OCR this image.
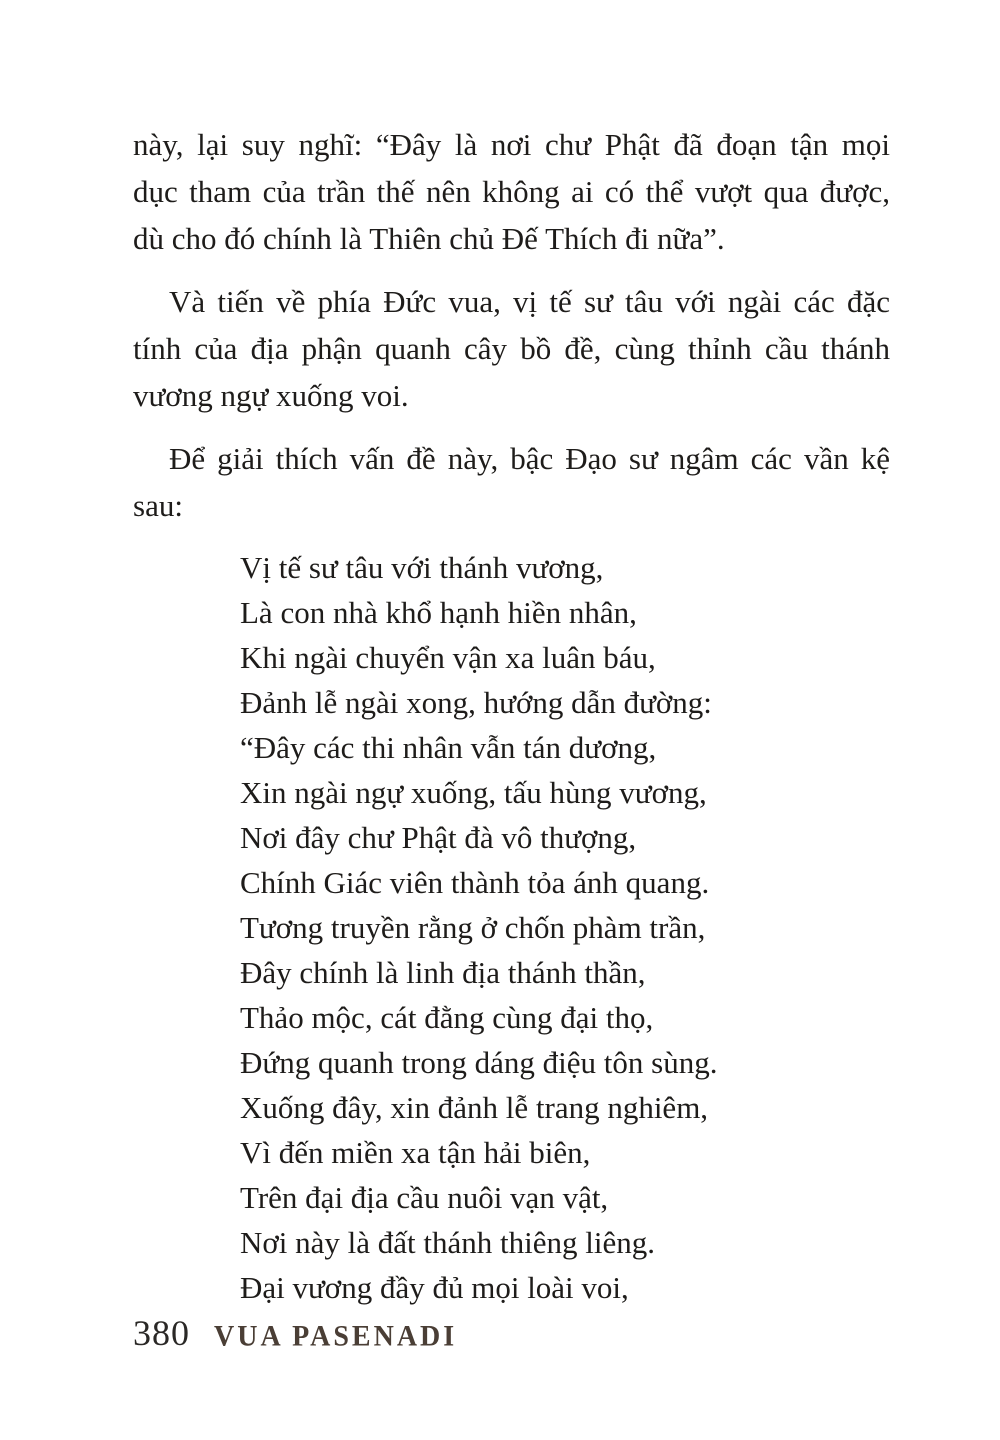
này, lại suy nghĩ: “Đây là nơi chư Phật đã đoạn tận mọi
dục tham của trần thế nên không ai có thể vượt qua được,
dù cho đó chính là Thiên chủ Đế Thích đi nữa”.
Và tiến về phía Đức vua, vị tế sư tâu với ngài các đặc
tính của địa phận quanh cây bồ đề, cùng thỉnh cầu thánh
vương ngự xuống voi.
Để giải thích vấn đề này, bậc Đạo sư ngâm các vần kệ
sau:
Vị tế sư tâu với thánh vương,
Là con nhà khổ hạnh hiền nhân,
Khi ngài chuyển vận xa luân báu,
Đảnh lễ ngài xong, hướng dẫn đường:
“Đây các thi nhân vẫn tán dương,
Xin ngài ngự xuống, tấu hùng vương,
Nơi đây chư Phật đà vô thượng,
Chính Giác viên thành tỏa ánh quang.
Tương truyền rằng ở chốn phàm trần,
Đây chính là linh địa thánh thần,
Thảo mộc, cát đằng cùng đại thọ,
Đứng quanh trong dáng điệu tôn sùng.
Xuống đây, xin đảnh lễ trang nghiêm,
Vì đến miền xa tận hải biên,
Trên đại địa cầu nuôi vạn vật,
Nơi này là đất thánh thiêng liêng.
Đại vương đầy đủ mọi loài voi,
380 VUA PASENADI
